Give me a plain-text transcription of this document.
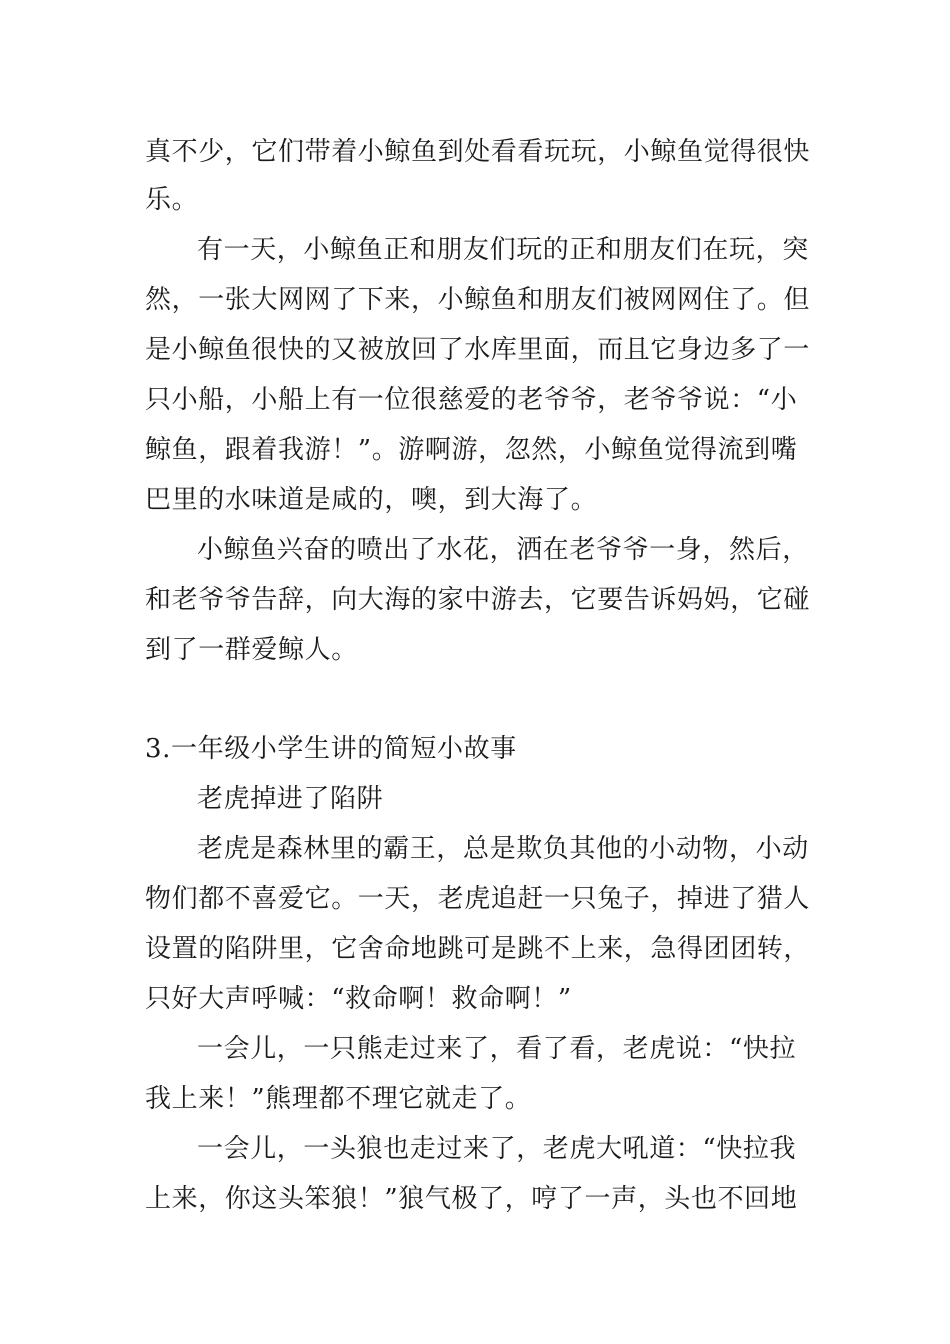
真不少，它们带着小鲸鱼到处看看玩玩，小鲸鱼觉得很快
乐。
有一天，小鲸鱼正和朋友们玩的正和朋友们在玩，突
然，一张大网网了下来，小鲸鱼和朋友们被网网住了。但
是小鲸鱼很快的又被放回了水库里面，而且它身边多了一
只小船，小船上有一位很慈爱的老爷爷，老爷爷说：“小
鲸鱼，跟着我游！”。游啊游，忽然，小鲸鱼觉得流到嘴
巴里的水味道是咸的，噢，到大海了。
小鲸鱼兴奋的喷出了水花，洒在老爷爷一身，然后，
和老爷爷告辞，向大海的家中游去，它要告诉妈妈，它碰
到了一群爱鲸人。
3.一年级小学生讲的简短小故事
老虎掉进了陷阱
老虎是森林里的霸王，总是欺负其他的小动物，小动
物们都不喜爱它。一天，老虎追赶一只兔子，掉进了猎人
设置的陷阱里，它舍命地跳可是跳不上来，急得团团转，
只好大声呼喊：“救命啊！救命啊！”
一会儿，一只熊走过来了，看了看，老虎说：“快拉
我上来！”熊理都不理它就走了。
一会儿，一头狼也走过来了，老虎大吼道：“快拉我
上来，你这头笨狼！”狼气极了，哼了一声，头也不回地
